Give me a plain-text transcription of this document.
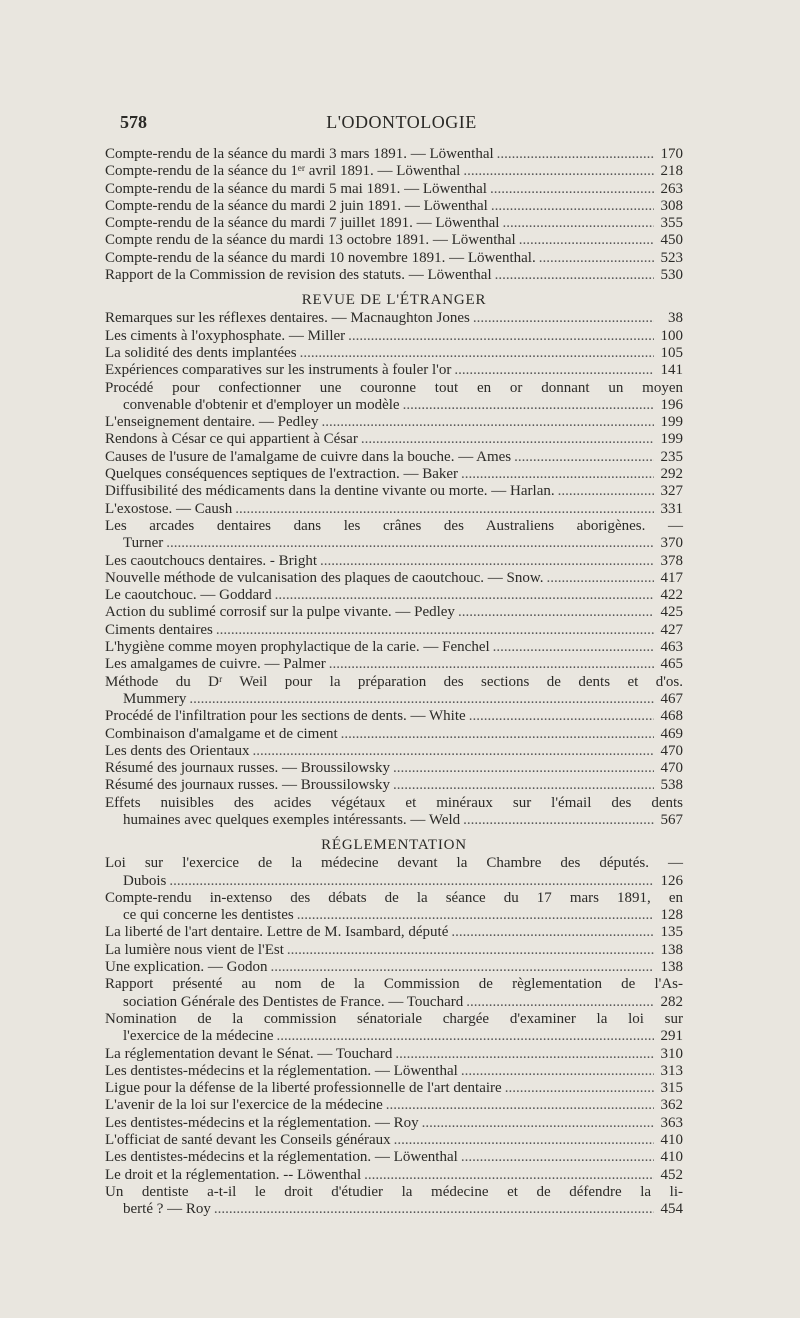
578	L'ODONTOLOGIE
Compte-rendu de la séance du mardi 3 mars 1891. — Löwenthal .....	170
Compte-rendu de la séance du 1ᵉʳ avril 1891. — Löwenthal .....	218
Compte-rendu de la séance du mardi 5 mai 1891. — Löwenthal .....	263
Compte-rendu de la séance du mardi 2 juin 1891. — Löwenthal .....	308
Compte-rendu de la séance du mardi 7 juillet 1891. — Löwenthal .....	355
Compte rendu de la séance du mardi 13 octobre 1891. — Löwenthal .....	450
Compte-rendu de la séance du mardi 10 novembre 1891. — Löwenthal. .....	523
Rapport de la Commission de revision des statuts. — Löwenthal .....	530
REVUE DE L'ÉTRANGER
Remarques sur les réflexes dentaires. — Macnaughton Jones .....	38
Les ciments à l'oxyphosphate. — Miller .....	100
La solidité des dents implantées .....	105
Expériences comparatives sur les instruments à fouler l'or .....	141
Procédé pour confectionner une couronne tout en or donnant un moyen
convenable d'obtenir et d'employer un modèle .....	196
L'enseignement dentaire. — Pedley .....	199
Rendons à César ce qui appartient à César .....	199
Causes de l'usure de l'amalgame de cuivre dans la bouche. — Ames .....	235
Quelques conséquences septiques de l'extraction. — Baker .....	292
Diffusibilité des médicaments dans la dentine vivante ou morte. — Harlan. .....	327
L'exostose. — Caush .....	331
Les arcades dentaires dans les crânes des Australiens aborigènes. —
Turner .....	370
Les caoutchoucs dentaires. - Bright .....	378
Nouvelle méthode de vulcanisation des plaques de caoutchouc. — Snow. .....	417
Le caoutchouc. — Goddard .....	422
Action du sublimé corrosif sur la pulpe vivante. — Pedley .....	425
Ciments dentaires .....	427
L'hygiène comme moyen prophylactique de la carie. — Fenchel .....	463
Les amalgames de cuivre. — Palmer .....	465
Méthode du Dʳ Weil pour la préparation des sections de dents et d'os.
Mummery .....	467
Procédé de l'infiltration pour les sections de dents. — White .....	468
Combinaison d'amalgame et de ciment .....	469
Les dents des Orientaux .....	470
Résumé des journaux russes. — Broussilowsky .....	470
Résumé des journaux russes. — Broussilowsky .....	538
Effets nuisibles des acides végétaux et minéraux sur l'émail des dents
humaines avec quelques exemples intéressants. — Weld .....	567
RÉGLEMENTATION
Loi sur l'exercice de la médecine devant la Chambre des députés. —
Dubois .....	126
Compte-rendu in-extenso des débats de la séance du 17 mars 1891, en
ce qui concerne les dentistes .....	128
La liberté de l'art dentaire. Lettre de M. Isambard, député .....	135
La lumière nous vient de l'Est .....	138
Une explication. — Godon .....	138
Rapport présenté au nom de la Commission de règlementation de l'As-
sociation Générale des Dentistes de France. — Touchard .....	282
Nomination de la commission sénatoriale chargée d'examiner la loi sur
l'exercice de la médecine .....	291
La réglementation devant le Sénat. — Touchard .....	310
Les dentistes-médecins et la réglementation. — Löwenthal .....	313
Ligue pour la défense de la liberté professionnelle de l'art dentaire .....	315
L'avenir de la loi sur l'exercice de la médecine .....	362
Les dentistes-médecins et la réglementation. — Roy .....	363
L'officiat de santé devant les Conseils généraux .....	410
Les dentistes-médecins et la réglementation. — Löwenthal .....	410
Le droit et la réglementation. -- Löwenthal .....	452
Un dentiste a-t-il le droit d'étudier la médecine et de défendre la li-
berté ? — Roy .....	454
